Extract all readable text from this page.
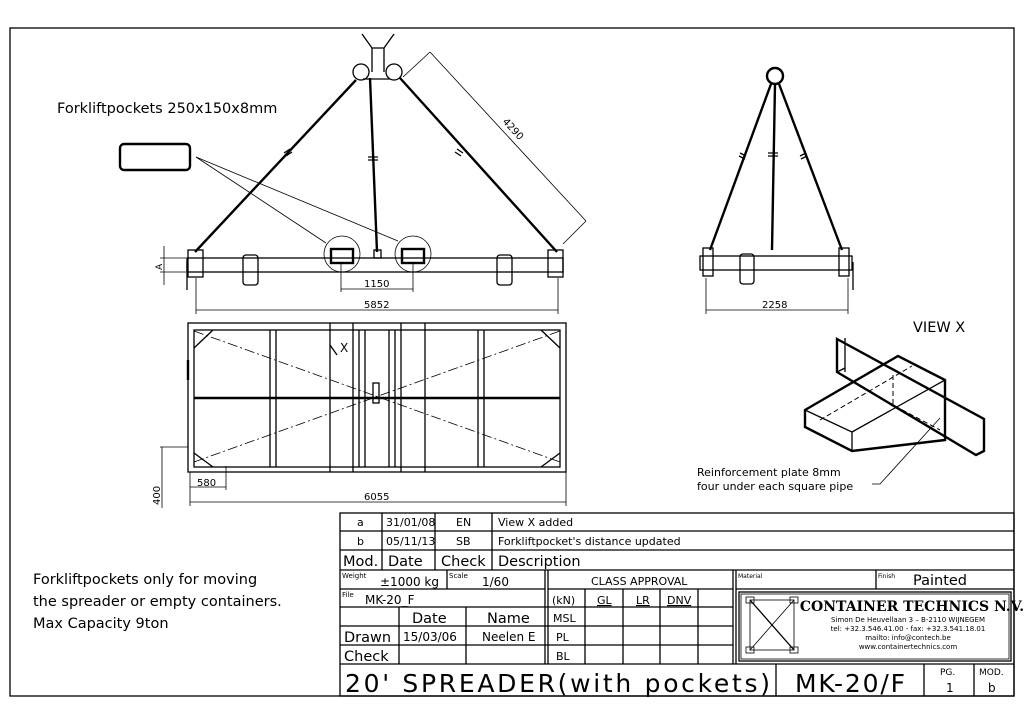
Forkliftpockets 250x150x8mm
4290
A
1150
5852	2258
X
400
580
6055
VIEW X
Reinforcement plate 8mm
four under each square pipe
Forkliftpockets only for moving
the spreader or empty containers.
Max Capacity 9ton
a 31/01/08 EN View X added
b 05/11/13 SB Forkliftpocket's distance updated
Mod. Date Check Description
Weight ±1000 kg Scale 1/60
File MK-20_F
Date	Name
Drawn 15/03/06 Neelen E
Check
CLASS APPROVAL
(kN) GL LR DNV
MSL
PL
BL
Material	Finish Painted
CONTAINER TECHNICS N.V.
Simon De Heuvellaan 3 – B-2110 WIJNEGEM
tel: +32.3.546.41.00 - fax: +32.3.541.18.01
mailto: info@contech.be
www.containertechnics.com
20' SPREADER(with pockets) MK-20/F	PG.
1
MOD.
b
